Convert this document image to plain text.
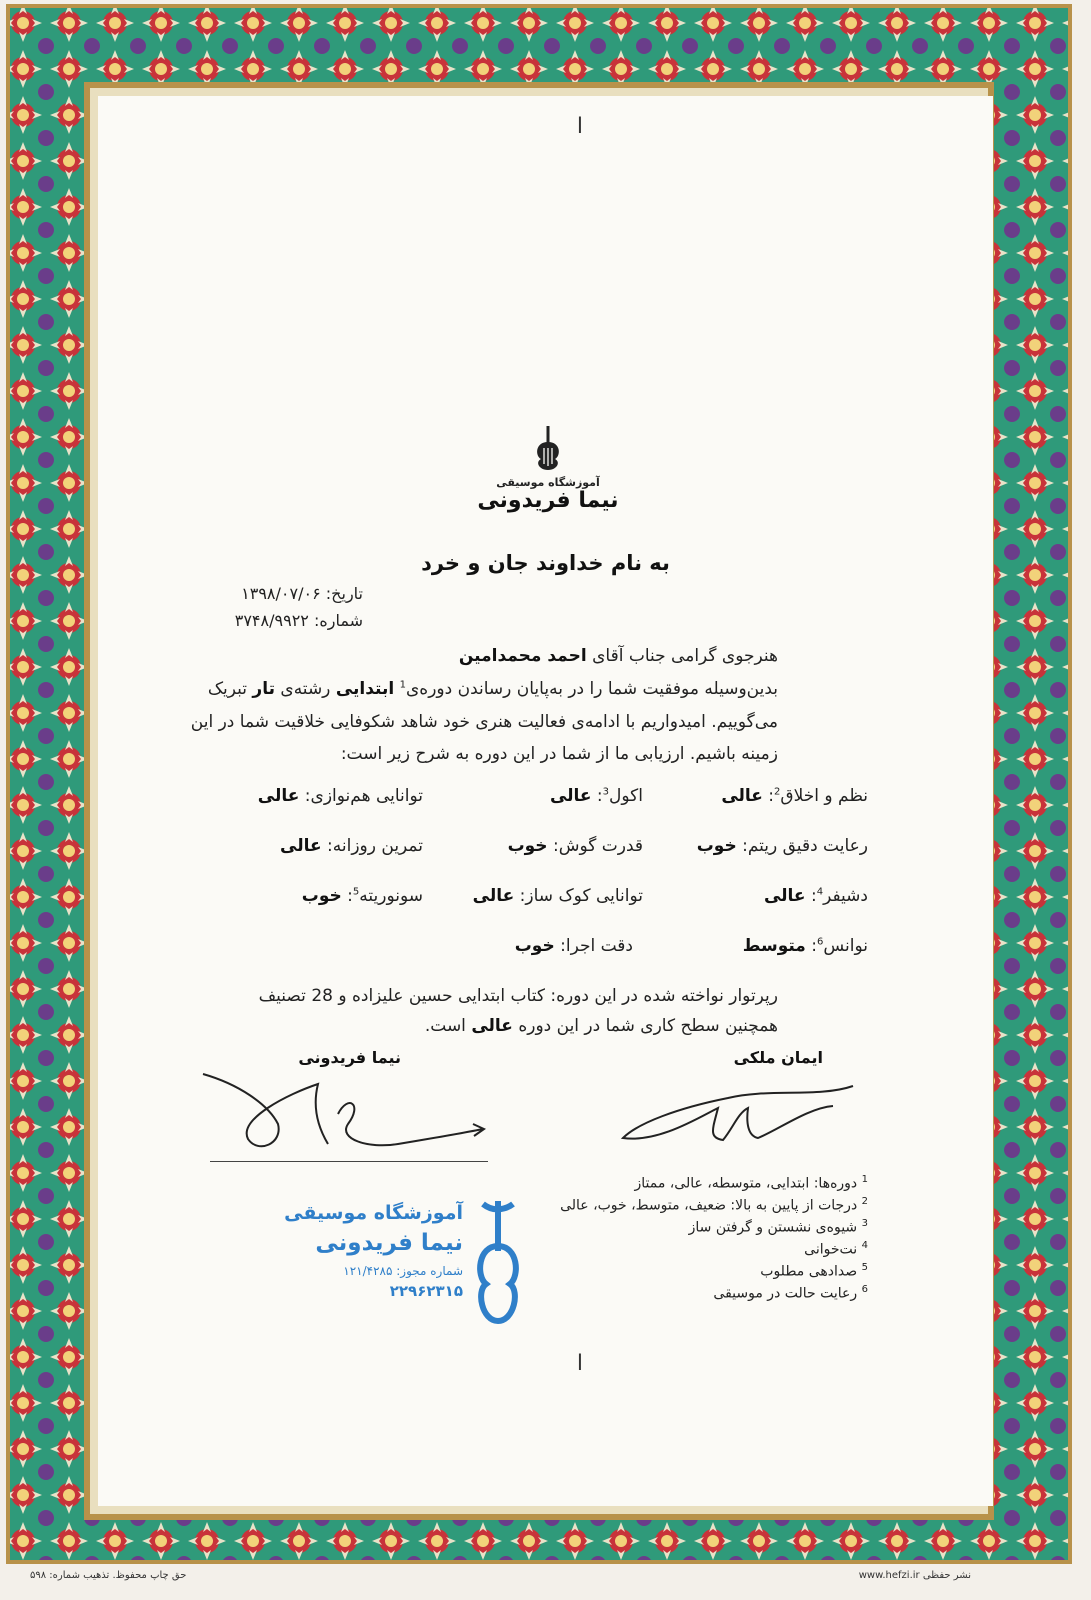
ا
آموزشگاه موسیقی
نیما فریدونی
به نام خداوند جان و خرد
تاریخ: ۱۳۹۸/۰۷/۰۶
شماره: ۳۷۴۸/۹۹۲۲
هنرجوی گرامی جناب آقای احمد محمدامین
بدین‌وسیله موفقیت شما را در به‌پایان رساندن دوره‌ی$^1$ ابتدایی رشته‌ی تار تبریک
می‌گوییم. امیدواریم با ادامه‌ی فعالیت هنری خود شاهد شکوفایی خلاقیت شما در این
زمینه باشیم. ارزیابی ما از شما در این دوره به شرح زیر است:
نظم و اخلاق$^2$: عالی
اکول$^3$: عالی
توانایی هم‌نوازی: عالی
رعایت دقیق ریتم: خوب
قدرت گوش: خوب
تمرین روزانه: عالی
دشیفر$^4$: عالی
توانایی کوک ساز: عالی
سونوریته$^5$: خوب
نوانس$^6$: متوسط
دقت اجرا: خوب
رپرتوار نواخته شده در این دوره: کتاب ابتدایی حسین علیزاده و 28 تصنیف
همچنین سطح کاری شما در این دوره عالی است.
ایمان ملکی
نیما فریدونی
آموزشگاه موسیقی
نیما فریدونی
شماره مجوز: ۱۲۱/۴۲۸۵
۲۲۹۶۲۳۱۵
$^1$ دوره‌ها: ابتدایی، متوسطه، عالی، ممتاز
$^2$ درجات از پایین به بالا: ضعیف، متوسط، خوب، عالی
$^3$ شیوه‌ی نشستن و گرفتن ساز
$^4$ نت‌خوانی
$^5$ صدادهی مطلوب
$^6$ رعایت حالت در موسیقی
ا
نشر حفظی www.hefzi.ir
حق چاپ محفوظ. تذهیب شماره: ۵۹۸
